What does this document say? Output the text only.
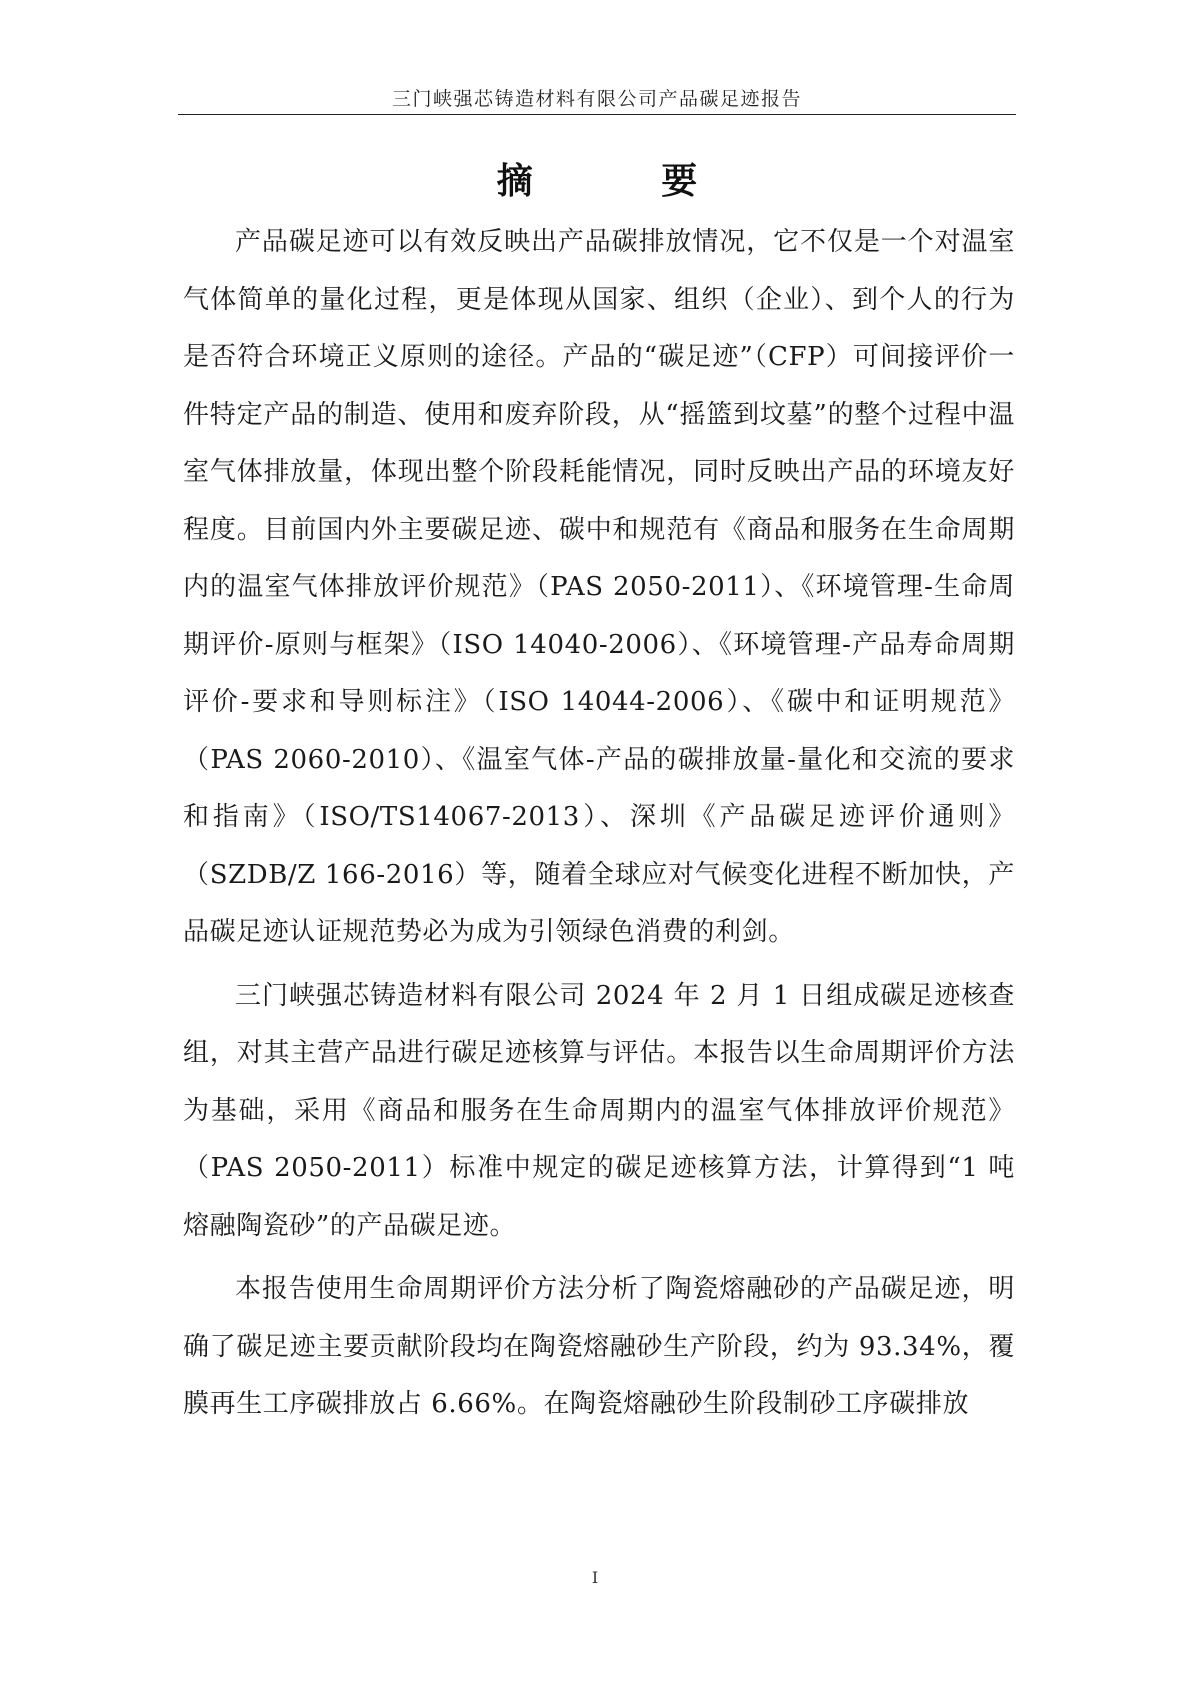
三门峡强芯铸造材料有限公司产品碳足迹报告
摘 要

产品碳足迹可以有效反映出产品碳排放情况，它不仅是一个对温室气体简单的量化过程，更是体现从国家、组织（企业）、到个人的行为是否符合环境正义原则的途径。产品的“碳足迹”（CFP）可间接评价一件特定产品的制造、使用和废弃阶段，从“摇篮到坟墓”的整个过程中温室气体排放量，体现出整个阶段耗能情况，同时反映出产品的环境友好程度。目前国内外主要碳足迹、碳中和规范有《商品和服务在生命周期内的温室气体排放评价规范》（PAS 2050-2011）、《环境管理-生命周期评价-原则与框架》（ISO 14040-2006）、《环境管理-产品寿命周期评价-要求和导则标注》（ISO 14044-2006）、《碳中和证明规范》（PAS 2060-2010）、《温室气体-产品的碳排放量-量化和交流的要求和指南》（ISO/TS14067-2013）、深圳《产品碳足迹评价通则》（SZDB/Z 166-2016）等，随着全球应对气候变化进程不断加快，产品碳足迹认证规范势必为成为引领绿色消费的利剑。

三门峡强芯铸造材料有限公司 2024 年 2 月 1 日组成碳足迹核查组，对其主营产品进行碳足迹核算与评估。本报告以生命周期评价方法为基础，采用《商品和服务在生命周期内的温室气体排放评价规范》（PAS 2050-2011）标准中规定的碳足迹核算方法，计算得到“1 吨熔融陶瓷砂”的产品碳足迹。

本报告使用生命周期评价方法分析了陶瓷熔融砂的产品碳足迹，明确了碳足迹主要贡献阶段均在陶瓷熔融砂生产阶段，约为 93.34%，覆膜再生工序碳排放占 6.66%。在陶瓷熔融砂生阶段制砂工序碳排放

I
